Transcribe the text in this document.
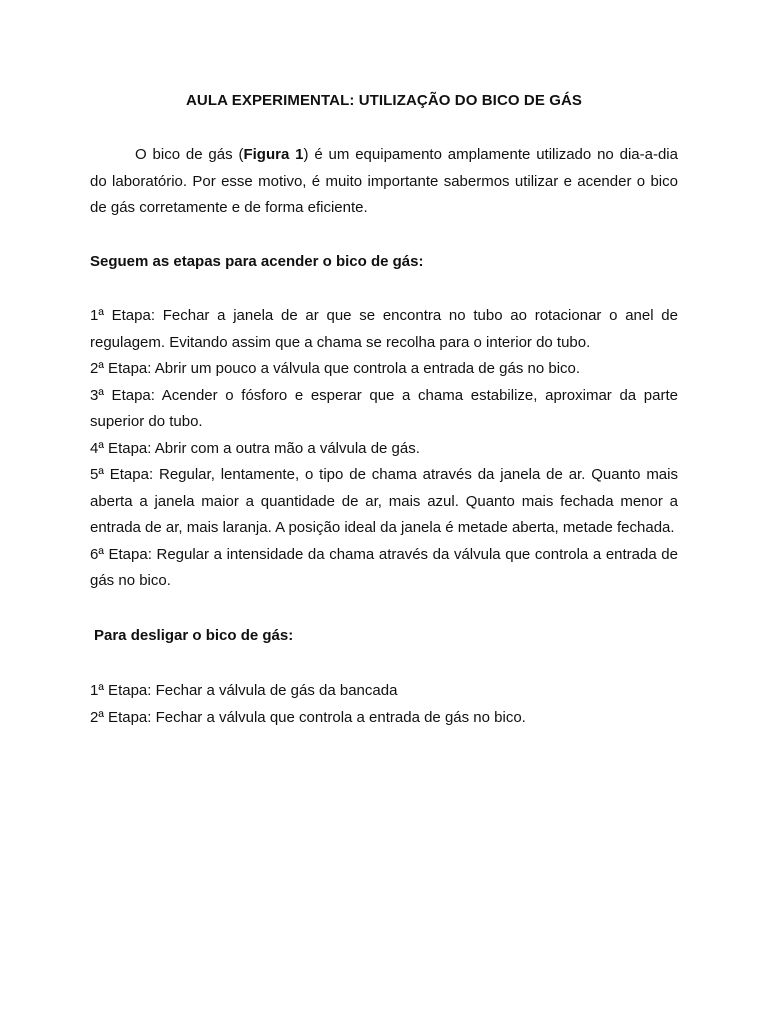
AULA EXPERIMENTAL: UTILIZAÇÃO DO BICO DE GÁS

O bico de gás (Figura 1) é um equipamento amplamente utilizado no dia-a-dia do laboratório. Por esse motivo, é muito importante sabermos utilizar e acender o bico de gás corretamente e de forma eficiente.

Seguem as etapas para acender o bico de gás:

1ª Etapa: Fechar a janela de ar que se encontra no tubo ao rotacionar o anel de regulagem. Evitando assim que a chama se recolha para o interior do tubo.

2ª Etapa: Abrir um pouco a válvula que controla a entrada de gás no bico.

3ª Etapa: Acender o fósforo e esperar que a chama estabilize, aproximar da parte superior do tubo.

4ª Etapa: Abrir com a outra mão a válvula de gás.

5ª Etapa: Regular, lentamente, o tipo de chama através da janela de ar. Quanto mais aberta a janela maior a quantidade de ar, mais azul. Quanto mais fechada menor a entrada de ar, mais laranja. A posição ideal da janela é metade aberta, metade fechada.

6ª Etapa: Regular a intensidade da chama através da válvula que controla a entrada de gás no bico.

Para desligar o bico de gás:

1ª Etapa: Fechar a válvula de gás da bancada

2ª Etapa: Fechar a válvula que controla a entrada de gás no bico.
